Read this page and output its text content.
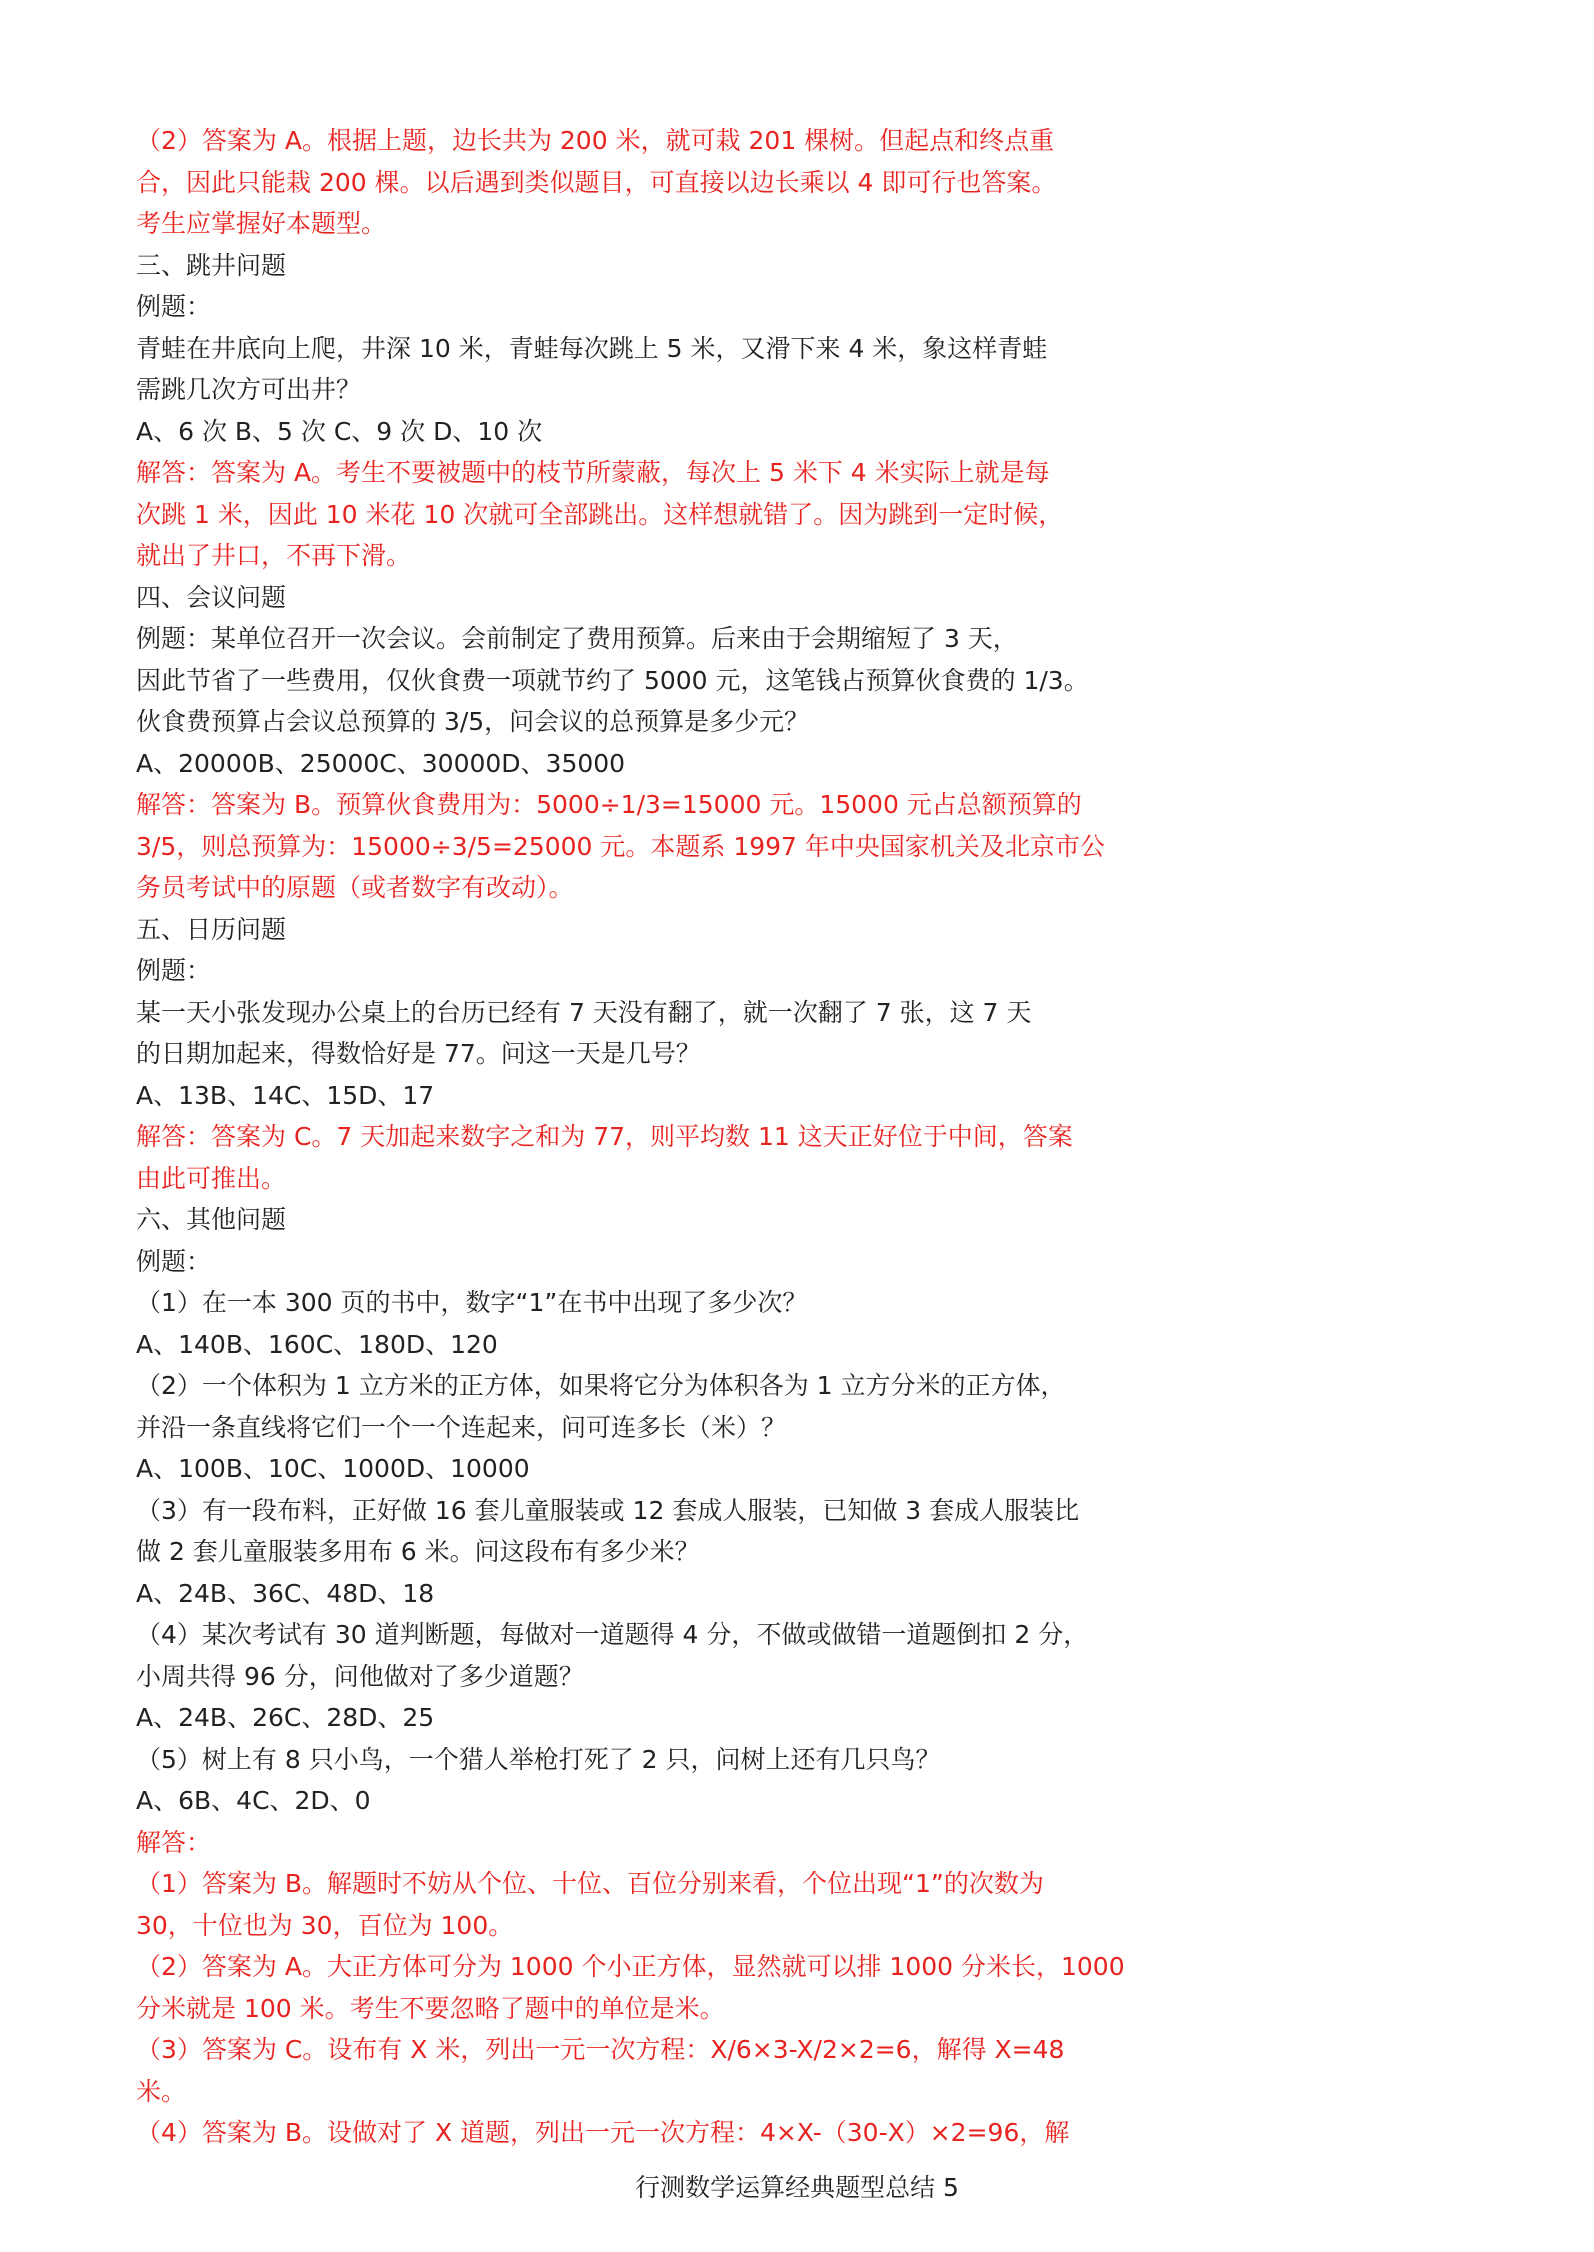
（2）答案为 A。根据上题，边长共为 200 米，就可栽 201 棵树。但起点和终点重
合，因此只能栽 200 棵。以后遇到类似题目，可直接以边长乘以 4 即可行也答案。
考生应掌握好本题型。
三、跳井问题
例题：
青蛙在井底向上爬，井深 10 米，青蛙每次跳上 5 米，又滑下来 4 米，象这样青蛙
需跳几次方可出井？
A、6 次 B、5 次 C、9 次 D、10 次
解答：答案为 A。考生不要被题中的枝节所蒙蔽，每次上 5 米下 4 米实际上就是每
次跳 1 米，因此 10 米花 10 次就可全部跳出。这样想就错了。因为跳到一定时候，
就出了井口，不再下滑。
四、会议问题
例题：某单位召开一次会议。会前制定了费用预算。后来由于会期缩短了 3 天，
因此节省了一些费用，仅伙食费一项就节约了 5000 元，这笔钱占预算伙食费的 1/3。
伙食费预算占会议总预算的 3/5，问会议的总预算是多少元？
A、20000B、25000C、30000D、35000
解答：答案为 B。预算伙食费用为：5000÷1/3=15000 元。15000 元占总额预算的
3/5，则总预算为：15000÷3/5=25000 元。本题系 1997 年中央国家机关及北京市公
务员考试中的原题（或者数字有改动）。
五、日历问题
例题：
某一天小张发现办公桌上的台历已经有 7 天没有翻了，就一次翻了 7 张，这 7 天
的日期加起来，得数恰好是 77。问这一天是几号？
A、13B、14C、15D、17
解答：答案为 C。7 天加起来数字之和为 77，则平均数 11 这天正好位于中间，答案
由此可推出。
六、其他问题
例题：
（1）在一本 300 页的书中，数字“1”在书中出现了多少次？
A、140B、160C、180D、120
（2）一个体积为 1 立方米的正方体，如果将它分为体积各为 1 立方分米的正方体，
并沿一条直线将它们一个一个连起来，问可连多长（米）？
A、100B、10C、1000D、10000
（3）有一段布料，正好做 16 套儿童服装或 12 套成人服装，已知做 3 套成人服装比
做 2 套儿童服装多用布 6 米。问这段布有多少米？
A、24B、36C、48D、18
（4）某次考试有 30 道判断题，每做对一道题得 4 分，不做或做错一道题倒扣 2 分，
小周共得 96 分，问他做对了多少道题？
A、24B、26C、28D、25
（5）树上有 8 只小鸟，一个猎人举枪打死了 2 只，问树上还有几只鸟？
A、6B、4C、2D、0
解答：
（1）答案为 B。解题时不妨从个位、十位、百位分别来看，个位出现“1”的次数为
30，十位也为 30，百位为 100。
（2）答案为 A。大正方体可分为 1000 个小正方体，显然就可以排 1000 分米长，1000
分米就是 100 米。考生不要忽略了题中的单位是米。
（3）答案为 C。设布有 X 米，列出一元一次方程：X/6×3-X/2×2=6，解得 X=48
米。
（4）答案为 B。设做对了 X 道题，列出一元一次方程：4×X-（30-X）×2=96，解
行测数学运算经典题型总结 5
